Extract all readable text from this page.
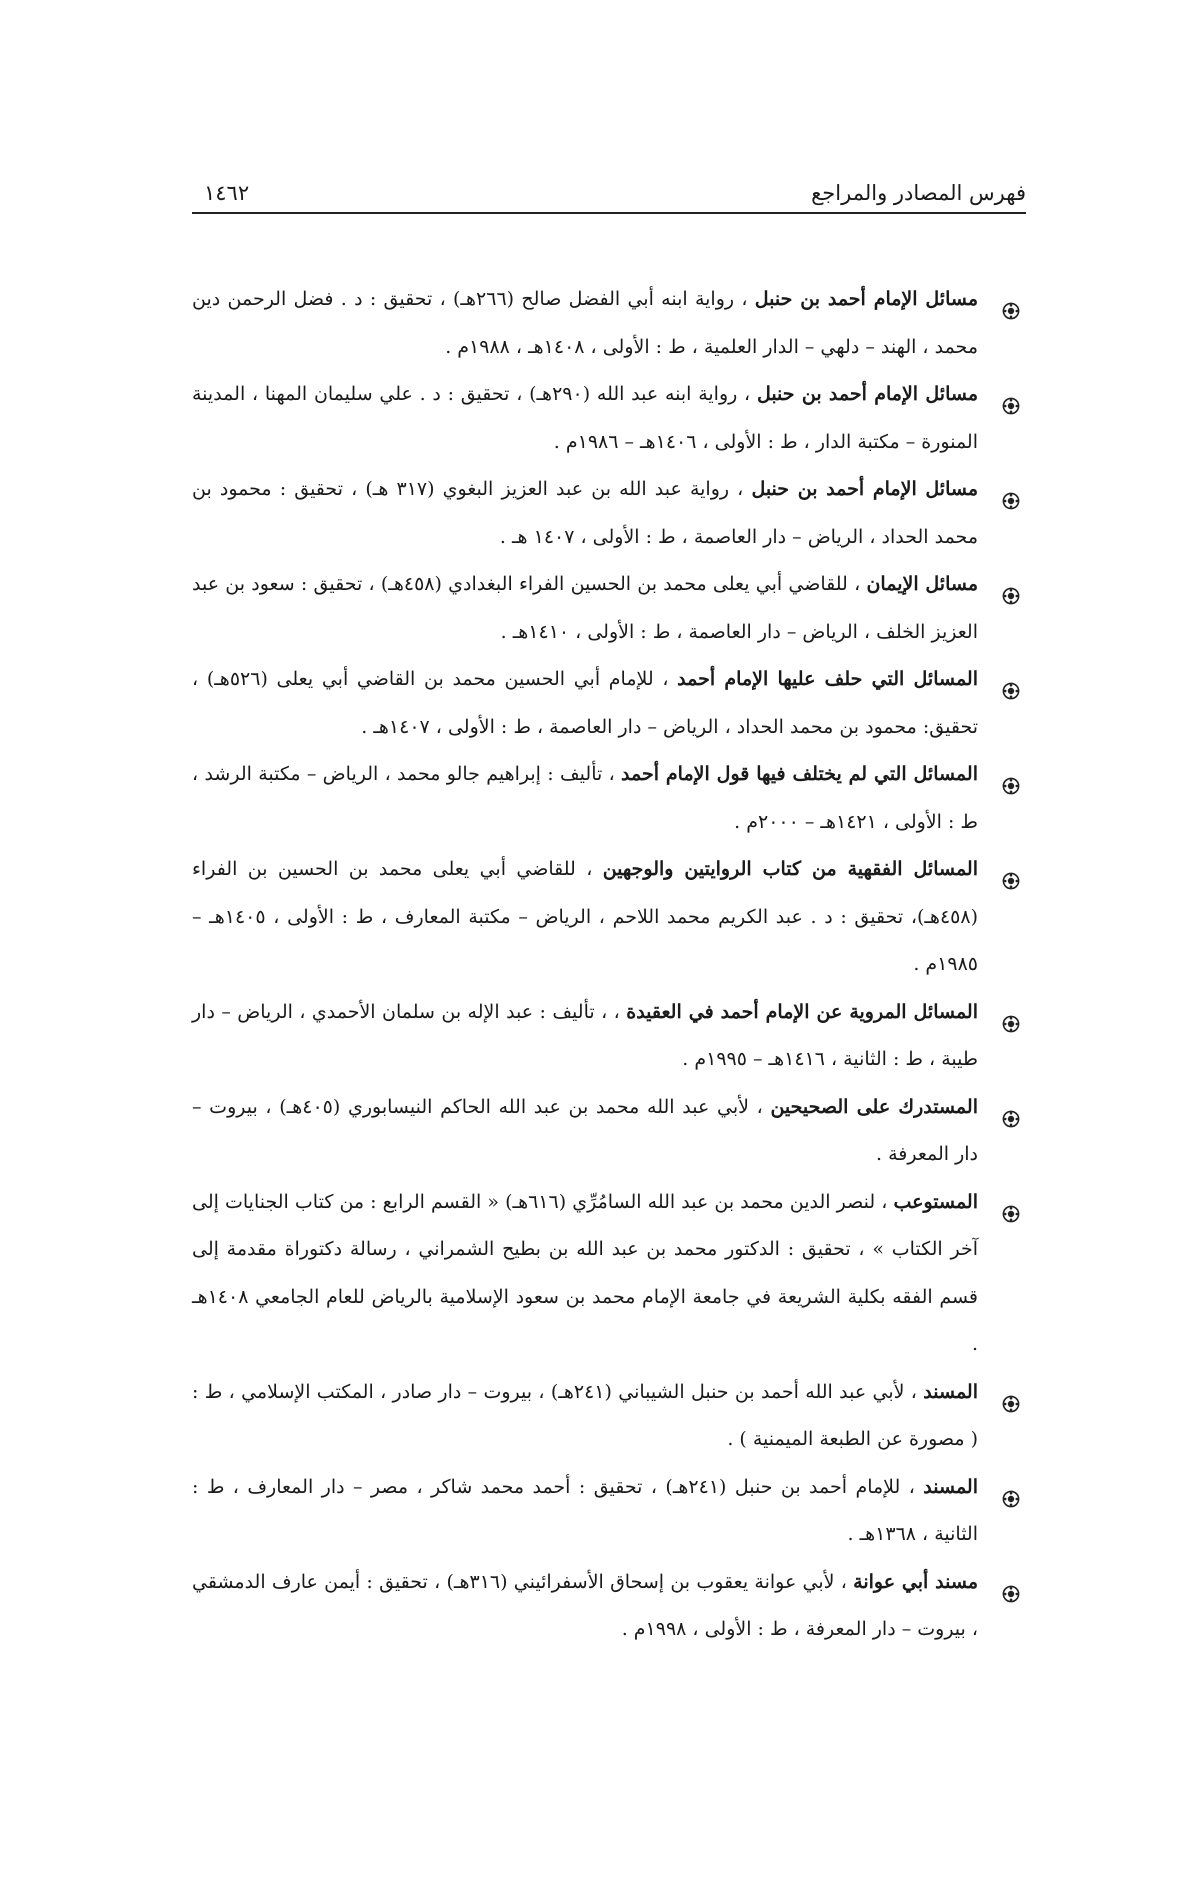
فهرس المصادر والمراجع
١٤٦٢
مسائل الإمام أحمد بن حنبل ، رواية ابنه أبي الفضل صالح (٢٦٦هـ) ، تحقيق : د . فضل الرحمن دين محمد ، الهند – دلهي – الدار العلمية ، ط : الأولى ، ١٤٠٨هـ ، ١٩٨٨م .
مسائل الإمام أحمد بن حنبل ، رواية ابنه عبد الله (٢٩٠هـ) ، تحقيق : د . علي سليمان المهنا ، المدينة المنورة – مكتبة الدار ، ط : الأولى ، ١٤٠٦هـ – ١٩٨٦م .
مسائل الإمام أحمد بن حنبل ، رواية عبد الله بن عبد العزيز البغوي (٣١٧ هـ) ، تحقيق : محمود بن محمد الحداد ، الرياض – دار العاصمة ، ط : الأولى ، ١٤٠٧ هـ .
مسائل الإيمان ، للقاضي أبي يعلى محمد بن الحسين الفراء البغدادي (٤٥٨هـ) ، تحقيق : سعود بن عبد العزيز الخلف ، الرياض – دار العاصمة ، ط : الأولى ، ١٤١٠هـ .
المسائل التي حلف عليها الإمام أحمد ، للإمام أبي الحسين محمد بن القاضي أبي يعلى (٥٢٦هـ) ، تحقيق: محمود بن محمد الحداد ، الرياض – دار العاصمة ، ط : الأولى ، ١٤٠٧هـ .
المسائل التي لم يختلف فيها قول الإمام أحمد ، تأليف : إبراهيم جالو محمد ، الرياض – مكتبة الرشد ، ط : الأولى ، ١٤٢١هـ – ٢٠٠٠م .
المسائل الفقهية من كتاب الروايتين والوجهين ، للقاضي أبي يعلى محمد بن الحسين بن الفراء (٤٥٨هـ)، تحقيق : د . عبد الكريم محمد اللاحم ، الرياض – مكتبة المعارف ، ط : الأولى ، ١٤٠٥هـ – ١٩٨٥م .
المسائل المروية عن الإمام أحمد في العقيدة ، ، تأليف : عبد الإله بن سلمان الأحمدي ، الرياض – دار طيبة ، ط : الثانية ، ١٤١٦هـ – ١٩٩٥م .
المستدرك على الصحيحين ، لأبي عبد الله محمد بن عبد الله الحاكم النيسابوري (٤٠٥هـ) ، بيروت – دار المعرفة .
المستوعب ، لنصر الدين محمد بن عبد الله السامُرِّي (٦١٦هـ) « القسم الرابع : من كتاب الجنايات إلى آخر الكتاب » ، تحقيق : الدكتور محمد بن عبد الله بن بطيح الشمراني ، رسالة دكتوراة مقدمة إلى قسم الفقه بكلية الشريعة في جامعة الإمام محمد بن سعود الإسلامية بالرياض للعام الجامعي ١٤٠٨هـ .
المسند ، لأبي عبد الله أحمد بن حنبل الشيباني (٢٤١هـ) ، بيروت – دار صادر ، المكتب الإسلامي ، ط : ( مصورة عن الطبعة الميمنية ) .
المسند ، للإمام أحمد بن حنبل (٢٤١هـ) ، تحقيق : أحمد محمد شاكر ، مصر – دار المعارف ، ط : الثانية ، ١٣٦٨هـ .
مسند أبي عوانة ، لأبي عوانة يعقوب بن إسحاق الأسفرائيني (٣١٦هـ) ، تحقيق : أيمن عارف الدمشقي ، بيروت – دار المعرفة ، ط : الأولى ، ١٩٩٨م .
